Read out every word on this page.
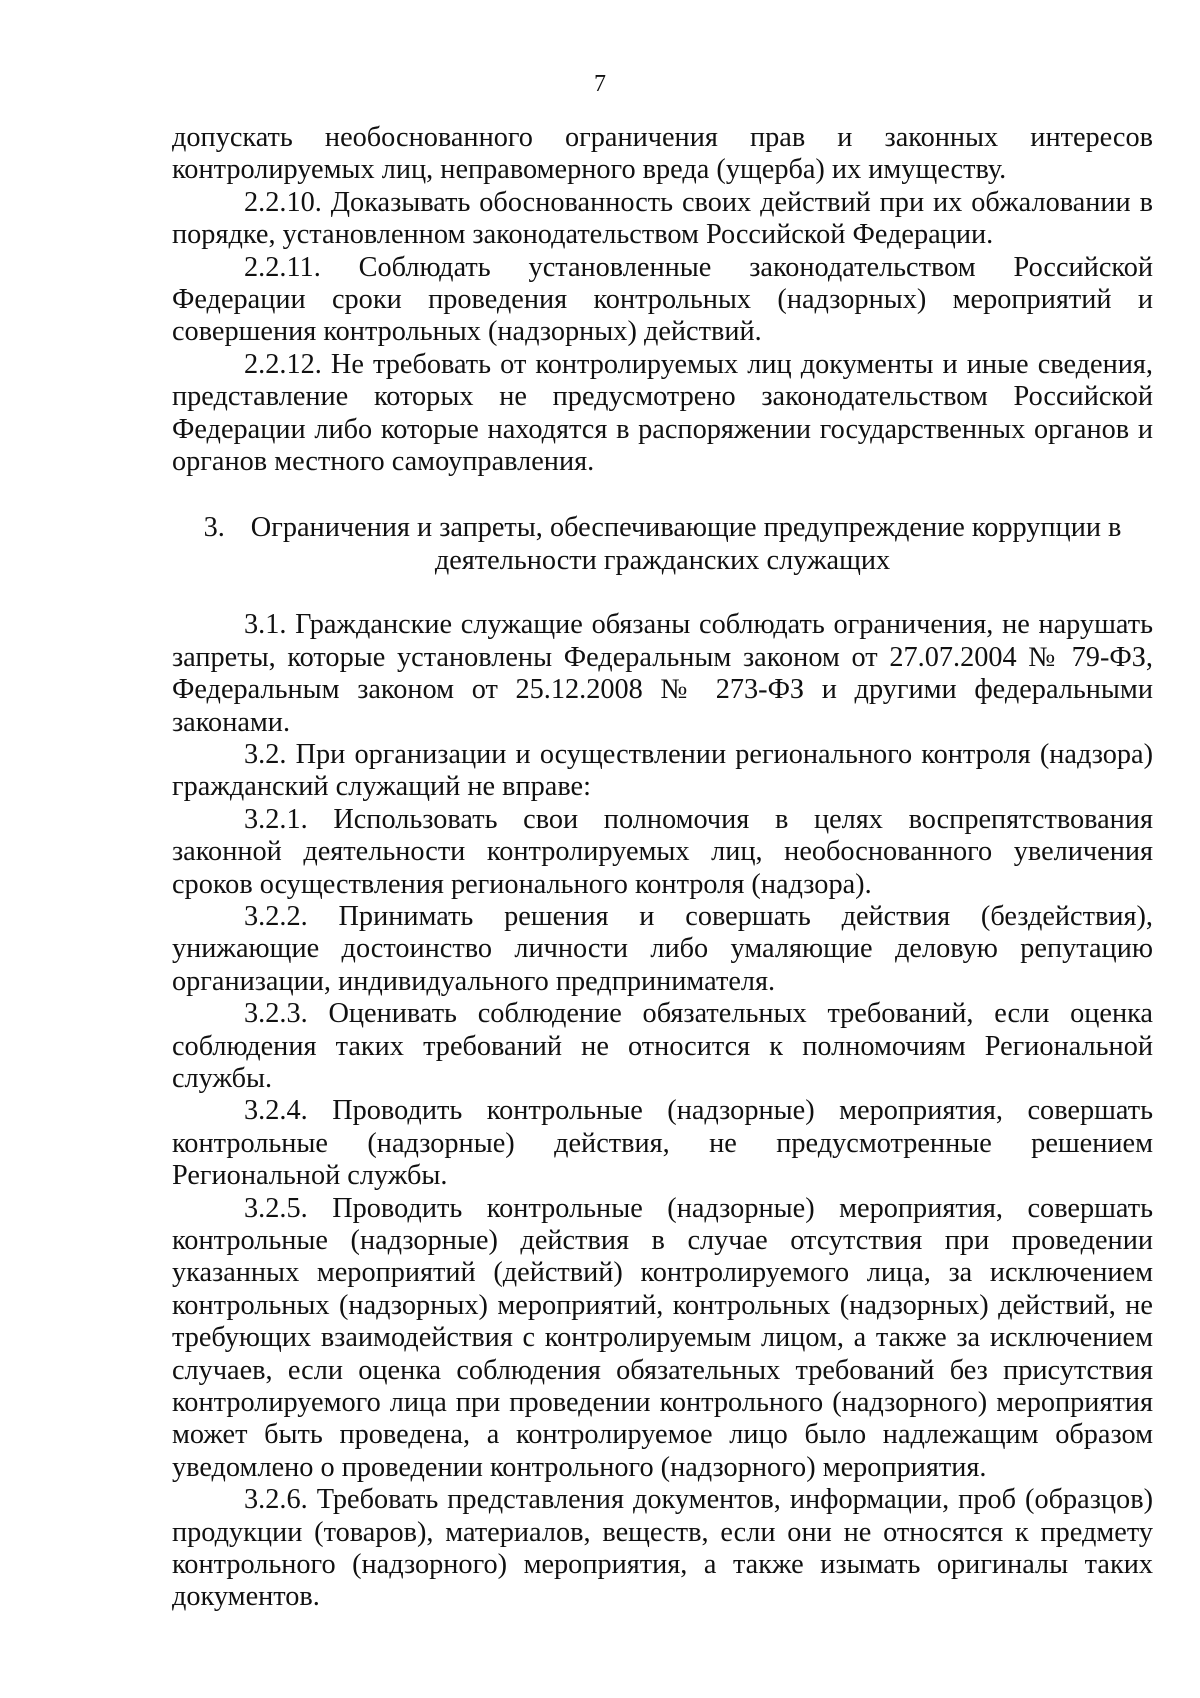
7

допускать необоснованного ограничения прав и законных интересов контролируемых лиц, неправомерного вреда (ущерба) их имуществу.

2.2.10. Доказывать обоснованность своих действий при их обжаловании в порядке, установленном законодательством Российской Федерации.

2.2.11. Соблюдать установленные законодательством Российской Федерации сроки проведения контрольных (надзорных) мероприятий и совершения контрольных (надзорных) действий.

2.2.12. Не требовать от контролируемых лиц документы и иные сведения, представление которых не предусмотрено законодательством Российской Федерации либо которые находятся в распоряжении государственных органов и органов местного самоуправления.

3. Ограничения и запреты, обеспечивающие предупреждение коррупции в деятельности гражданских служащих

3.1. Гражданские служащие обязаны соблюдать ограничения, не нарушать запреты, которые установлены Федеральным законом от 27.07.2004 № 79-ФЗ, Федеральным законом от 25.12.2008 № 273-ФЗ и другими федеральными законами.

3.2. При организации и осуществлении регионального контроля (надзора) гражданский служащий не вправе:

3.2.1. Использовать свои полномочия в целях воспрепятствования законной деятельности контролируемых лиц, необоснованного увеличения сроков осуществления регионального контроля (надзора).

3.2.2. Принимать решения и совершать действия (бездействия), унижающие достоинство личности либо умаляющие деловую репутацию организации, индивидуального предпринимателя.

3.2.3. Оценивать соблюдение обязательных требований, если оценка соблюдения таких требований не относится к полномочиям Региональной службы.

3.2.4. Проводить контрольные (надзорные) мероприятия, совершать контрольные (надзорные) действия, не предусмотренные решением Региональной службы.

3.2.5. Проводить контрольные (надзорные) мероприятия, совершать контрольные (надзорные) действия в случае отсутствия при проведении указанных мероприятий (действий) контролируемого лица, за исключением контрольных (надзорных) мероприятий, контрольных (надзорных) действий, не требующих взаимодействия с контролируемым лицом, а также за исключением случаев, если оценка соблюдения обязательных требований без присутствия контролируемого лица при проведении контрольного (надзорного) мероприятия может быть проведена, а контролируемое лицо было надлежащим образом уведомлено о проведении контрольного (надзорного) мероприятия.

3.2.6. Требовать представления документов, информации, проб (образцов) продукции (товаров), материалов, веществ, если они не относятся к предмету контрольного (надзорного) мероприятия, а также изымать оригиналы таких документов.
